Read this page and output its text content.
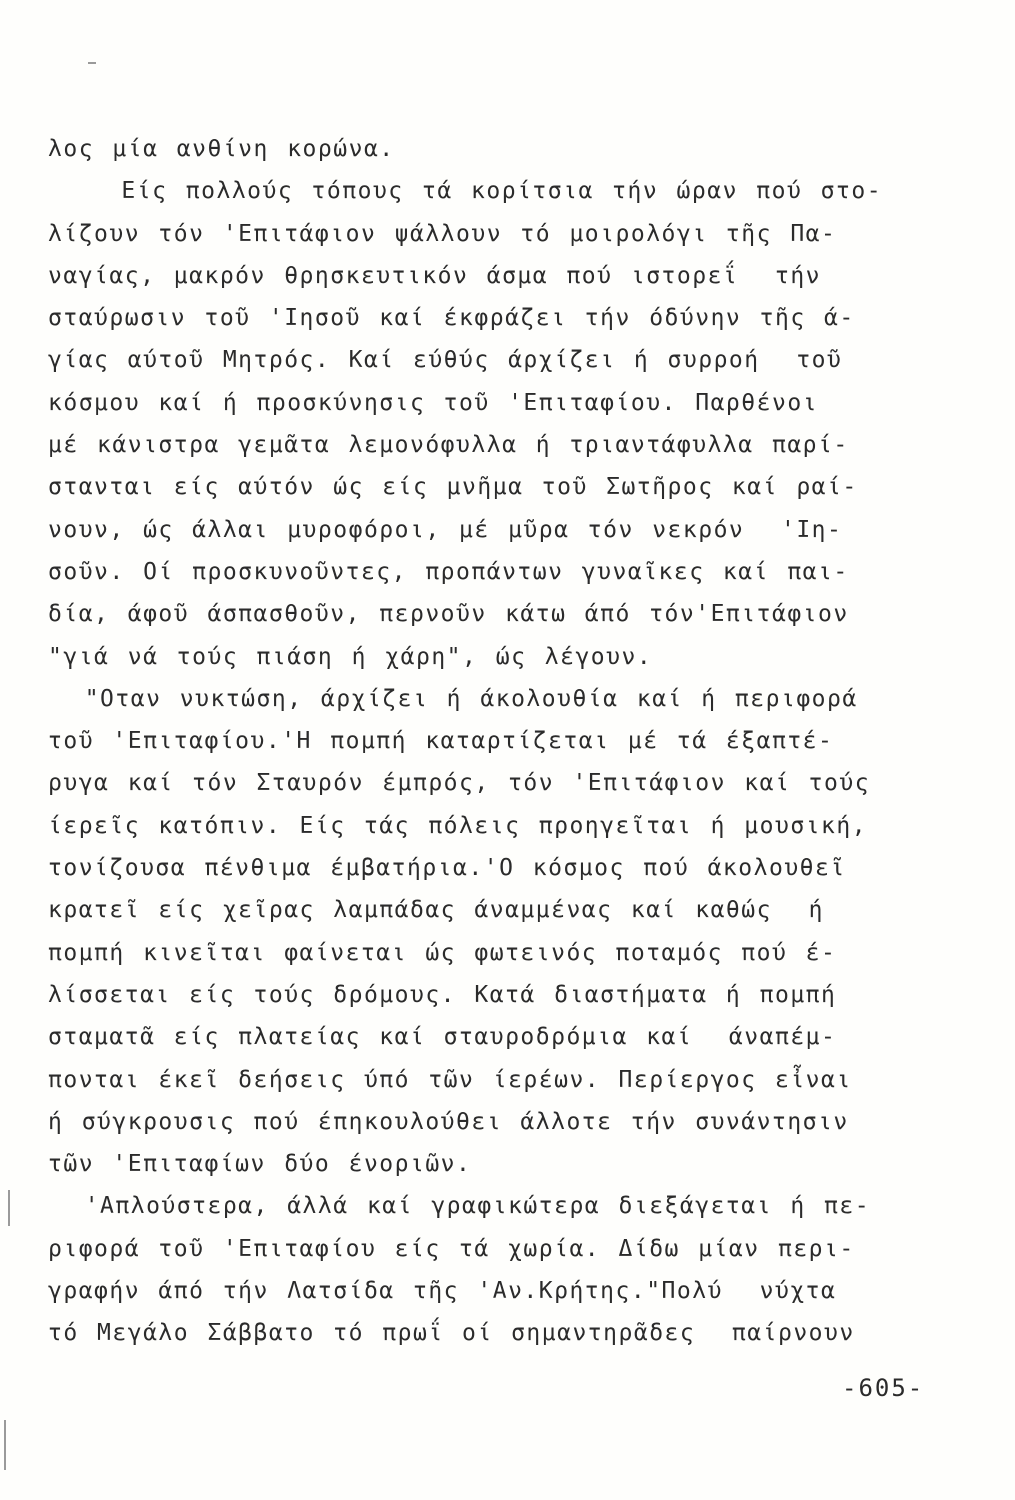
λος μία ανθίνη κορώνα.
Είς πολλούς τόπους τά κορίτσια τήν ώραν πού στο-
λίζουν τόν 'Επιτάφιον ψάλλουν τό μοιρολόγι τῆς Πα-
ναγίας, μακρόν θρησκευτικόν άσμα πού ιστορεΐ  τήν
σταύρωσιν τοῦ 'Ιησοῦ καί έκφράζει τήν όδύνην τῆς ά-
γίας αύτοῦ Μητρός. Καί εύθύς άρχίζει ή συρροή  τοῦ
κόσμου καί ή προσκύνησις τοῦ 'Επιταφίου. Παρθένοι
μέ κάνιστρα γεμᾶτα λεμονόφυλλα ή τριαντάφυλλα παρί-
στανται είς αύτόν ώς είς μνῆμα τοῦ Σωτῆρος καί ραί-
νουν, ώς άλλαι μυροφόροι, μέ μῦρα τόν νεκρόν  'Ιη-
σοῦν. Οί προσκυνοῦντες, προπάντων γυναῖκες καί παι-
δία, άφοῦ άσπασθοῦν, περνοῦν κάτω άπό τόν'Επιτάφιον
"γιά νά τούς πιάση ή χάρη", ώς λέγουν.
"Οταν νυκτώση, άρχίζει ή άκολουθία καί ή περιφορά
τοῦ 'Επιταφίου.'Η πομπή καταρτίζεται μέ τά έξαπτέ-
ρυγα καί τόν Σταυρόν έμπρός, τόν 'Επιτάφιον καί τούς
ίερεῖς κατόπιν. Είς τάς πόλεις προηγεῖται ή μουσική,
τονίζουσα πένθιμα έμβατήρια.'Ο κόσμος πού άκολουθεῖ
κρατεῖ είς χεῖρας λαμπάδας άναμμένας καί καθώς  ή
πομπή κινεῖται φαίνεται ώς φωτεινός ποταμός πού έ-
λίσσεται είς τούς δρόμους. Κατά διαστήματα ή πομπή
σταματᾶ είς πλατείας καί σταυροδρόμια καί  άναπέμ-
πονται έκεῖ δεήσεις ύπό τῶν ίερέων. Περίεργος εἶναι
ή σύγκρουσις πού έπηκουλούθει άλλοτε τήν συνάντησιν
τῶν 'Επιταφίων δύο ένοριῶν.
'Απλούστερα, άλλά καί γραφικώτερα διεξάγεται ή πε-
ριφορά τοῦ 'Επιταφίου είς τά χωρία. Δίδω μίαν περι-
γραφήν άπό τήν Λατσίδα τῆς 'Αν.Κρήτης."Πολύ  νύχτα
τό Μεγάλο Σάββατο τό πρωΐ οί σημαντηρᾶδες  παίρνουν
-605-
